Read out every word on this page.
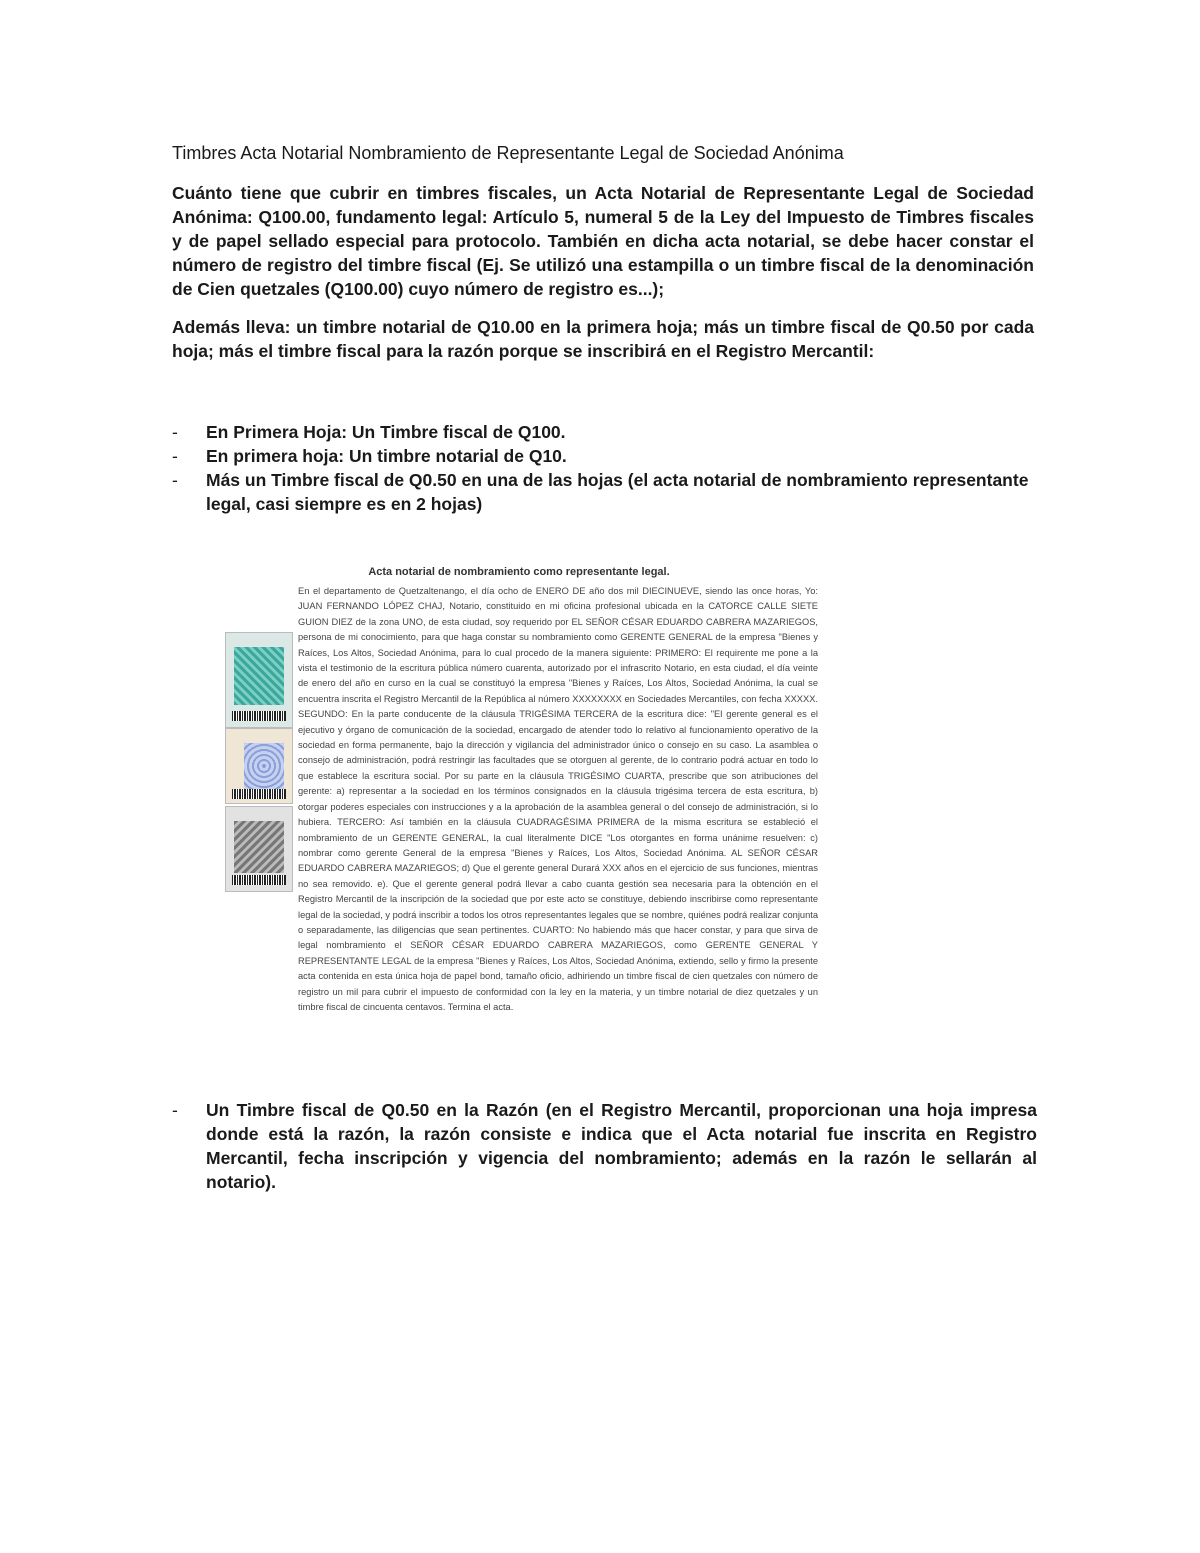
Timbres Acta Notarial Nombramiento de Representante Legal de Sociedad Anónima

Cuánto tiene que cubrir en timbres fiscales, un Acta Notarial de Representante Legal de Sociedad Anónima: Q100.00, fundamento legal: Artículo 5, numeral 5 de la Ley del Impuesto de Timbres fiscales y de papel sellado especial para protocolo. También en dicha acta notarial, se debe hacer constar el número de registro del timbre fiscal (Ej. Se utilizó una estampilla o un timbre fiscal de la denominación de Cien quetzales (Q100.00) cuyo número de registro es...);

Además lleva: un timbre notarial de Q10.00 en la primera hoja; más un timbre fiscal de Q0.50 por cada hoja; más el timbre fiscal para la razón porque se inscribirá en el Registro Mercantil:

- En Primera Hoja: Un Timbre fiscal de Q100.
- En primera hoja: Un timbre notarial de Q10.
- Más un Timbre fiscal de Q0.50 en una de las hojas (el acta notarial de nombramiento representante legal, casi siempre es en 2 hojas)
Acta notarial de nombramiento como representante legal.
En el departamento de Quetzaltenango, el día ocho de ENERO DE año dos mil DIECINUEVE, siendo las once horas, Yo: JUAN FERNANDO LÓPEZ CHAJ, Notario, constituido en mi oficina profesional ubicada en la CATORCE CALLE SIETE GUION DIEZ de la zona UNO, de esta ciudad, soy requerido por EL SEÑOR CÉSAR EDUARDO CABRERA MAZARIEGOS, persona de mi conocimiento, para que haga constar su nombramiento como GERENTE GENERAL de la empresa "Bienes y Raíces, Los Altos, Sociedad Anónima, para lo cual procedo de la manera siguiente: PRIMERO: El requirente me pone a la vista el testimonio de la escritura pública número cuarenta, autorizado por el infrascrito Notario, en esta ciudad, el día veinte de enero del año en curso en la cual se constituyó la empresa "Bienes y Raíces, Los Altos, Sociedad Anónima, la cual se encuentra inscrita el Registro Mercantil de la República al número XXXXXXXX en Sociedades Mercantiles, con fecha XXXXX. SEGUNDO: En la parte conducente de la cláusula TRIGÉSIMA TERCERA de la escritura dice: "El gerente general es el ejecutivo y órgano de comunicación de la sociedad, encargado de atender todo lo relativo al funcionamiento operativo de la sociedad en forma permanente, bajo la dirección y vigilancia del administrador único o consejo en su caso. La asamblea o consejo de administración, podrá restringir las facultades que se otorguen al gerente, de lo contrario podrá actuar en todo lo que establece la escritura social. Por su parte en la cláusula TRIGÉSIMO CUARTA, prescribe que son atribuciones del gerente: a) representar a la sociedad en los términos consignados en la cláusula trigésima tercera de esta escritura, b) otorgar poderes especiales con instrucciones y a la aprobación de la asamblea general o del consejo de administración, si lo hubiera. TERCERO: Así también en la cláusula CUADRAGÉSIMA PRIMERA de la misma escritura se estableció el nombramiento de un GERENTE GENERAL, la cual literalmente DICE "Los otorgantes en forma unánime resuelven: c) nombrar como gerente General de la empresa "Bienes y Raíces, Los Altos, Sociedad Anónima. AL SEÑOR CÉSAR EDUARDO CABRERA MAZARIEGOS; d) Que el gerente general Durará XXX años en el ejercicio de sus funciones, mientras no sea removido. e). Que el gerente general podrá llevar a cabo cuanta gestión sea necesaria para la obtención en el Registro Mercantil de la inscripción de la sociedad que por este acto se constituye, debiendo inscribirse como representante legal de la sociedad, y podrá inscribir a todos los otros representantes legales que se nombre, quiénes podrá realizar conjunta o separadamente, las diligencias que sean pertinentes. CUARTO: No habiendo más que hacer constar, y para que sirva de legal nombramiento el SEÑOR CÉSAR EDUARDO CABRERA MAZARIEGOS, como GERENTE GENERAL Y REPRESENTANTE LEGAL de la empresa "Bienes y Raíces, Los Altos, Sociedad Anónima, extiendo, sello y firmo la presente acta contenida en esta única hoja de papel bond, tamaño oficio, adhiriendo un timbre fiscal de cien quetzales con número de registro un mil para cubrir el impuesto de conformidad con la ley en la materia, y un timbre notarial de diez quetzales y un timbre fiscal de cincuenta centavos. Termina el acta.
- Un Timbre fiscal de Q0.50 en la Razón (en el Registro Mercantil, proporcionan una hoja impresa donde está la razón, la razón consiste e indica que el Acta notarial fue inscrita en Registro Mercantil, fecha inscripción y vigencia del nombramiento; además en la razón le sellarán al notario).
